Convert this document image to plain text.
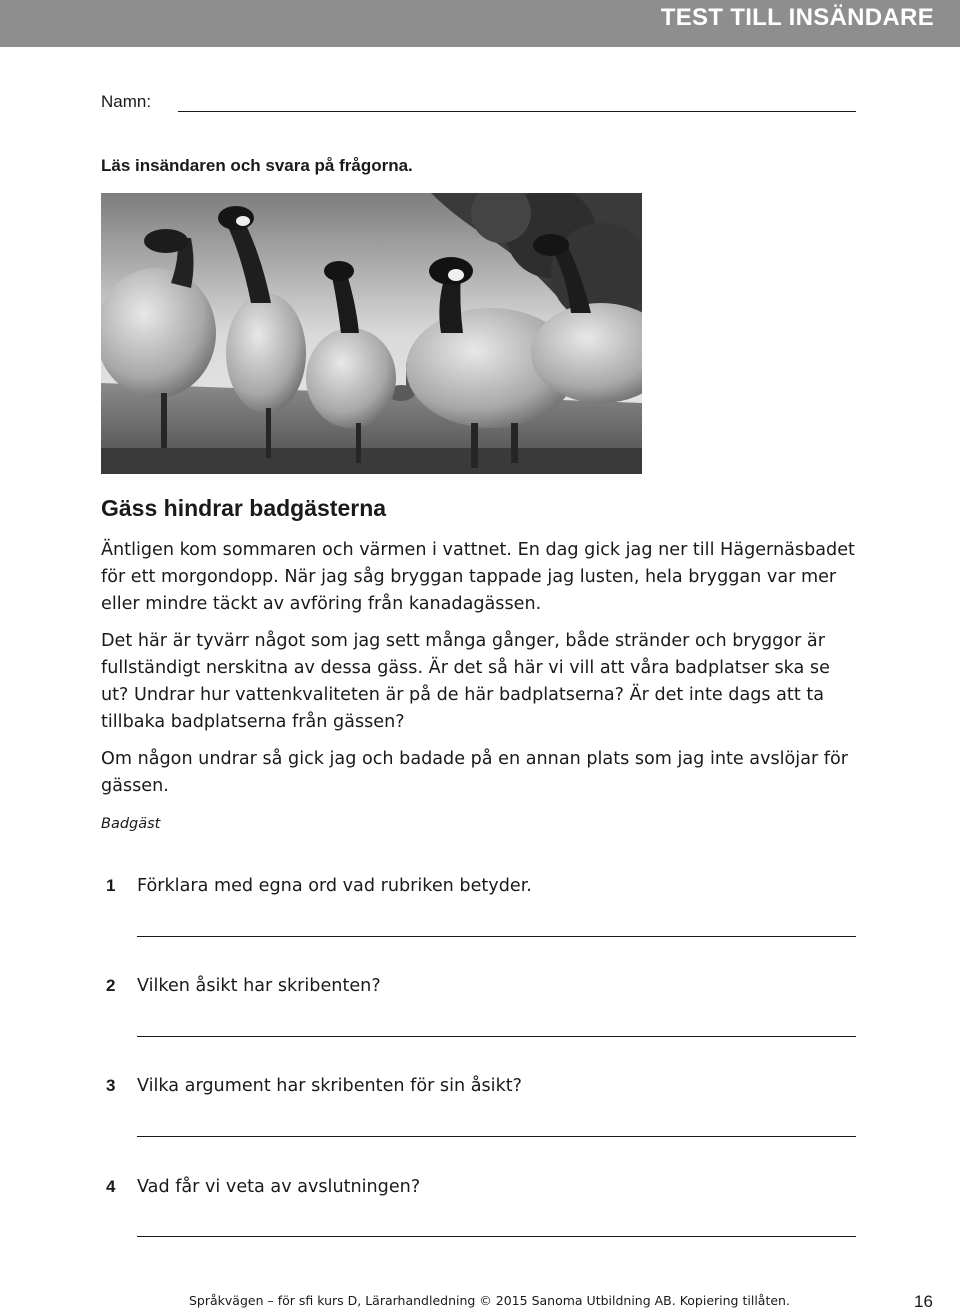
TEST TILL INSÄNDARE
Namn:
Läs insändaren och svara på frågorna.
Gäss hindrar badgästerna

Äntligen kom sommaren och värmen i vattnet. En dag gick jag ner till Hägernäsbadet för ett morgondopp. När jag såg bryggan tappade jag lusten, hela bryggan var mer eller mindre täckt av avföring från kanadagässen.

Det här är tyvärr något som jag sett många gånger, både stränder och bryggor är fullständigt nerskitna av dessa gäss. Är det så här vi vill att våra badplatser ska se ut? Undrar hur vattenkvaliteten är på de här badplatserna? Är det inte dags att ta tillbaka badplatserna från gässen?

Om någon undrar så gick jag och badade på en annan plats som jag inte avslöjar för gässen.

Badgäst
1 Förklara med egna ord vad rubriken betyder.
2 Vilken åsikt har skribenten?
3 Vilka argument har skribenten för sin åsikt?
4 Vad får vi veta av avslutningen?
Språkvägen – för sfi kurs D, Lärarhandledning © 2015 Sanoma Utbildning AB. Kopiering tillåten.	16
